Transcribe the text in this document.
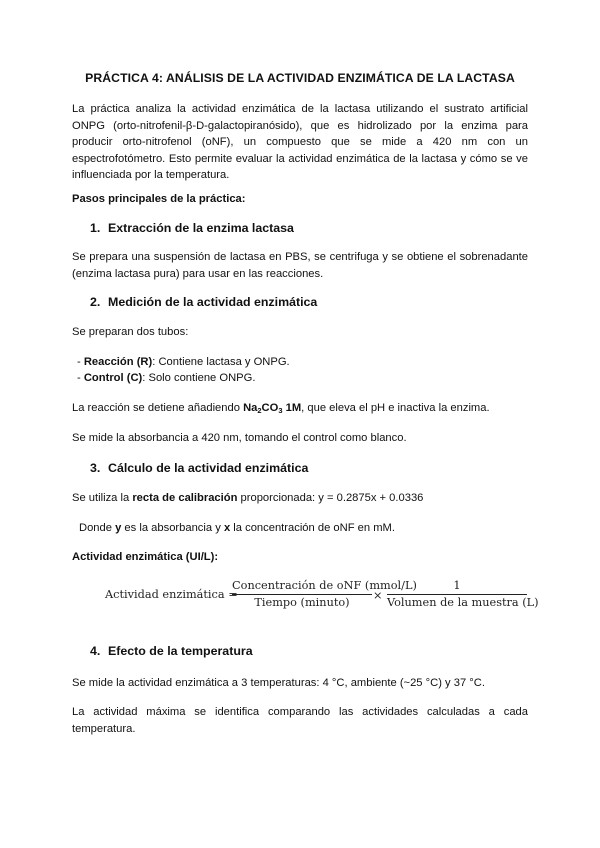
PRÁCTICA 4: ANÁLISIS DE LA ACTIVIDAD ENZIMÁTICA DE LA LACTASA
La práctica analiza la actividad enzimática de la lactasa utilizando el sustrato artificial ONPG (orto-nitrofenil-β-D-galactopiranósido), que es hidrolizado por la enzima para producir orto-nitrofenol (oNF), un compuesto que se mide a 420 nm con un espectrofotómetro. Esto permite evaluar la actividad enzimática de la lactasa y cómo se ve influenciada por la temperatura.
Pasos principales de la práctica:
1. Extracción de la enzima lactasa
Se prepara una suspensión de lactasa en PBS, se centrifuga y se obtiene el sobrenadante (enzima lactasa pura) para usar en las reacciones.
2. Medición de la actividad enzimática
Se preparan dos tubos:
- Reacción (R): Contiene lactasa y ONPG.
- Control (C): Solo contiene ONPG.
La reacción se detiene añadiendo $Na_2CO_3$ 1M, que eleva el pH e inactiva la enzima.
Se mide la absorbancia a 420 nm, tomando el control como blanco.
3. Cálculo de la actividad enzimática
Se utiliza la recta de calibración proporcionada: y = 0.2875x + 0.0336
Donde y es la absorbancia y x la concentración de oNF en mM.
Actividad enzimática (UI/L):
Actividad enzimática =
Concentración de oNF (mmol/L)
Tiempo (minuto)
×
1
Volumen de la muestra (L)
4. Efecto de la temperatura
Se mide la actividad enzimática a 3 temperaturas: 4 °C, ambiente (~25 °C) y 37 °C.
La actividad máxima se identifica comparando las actividades calculadas a cada temperatura.
